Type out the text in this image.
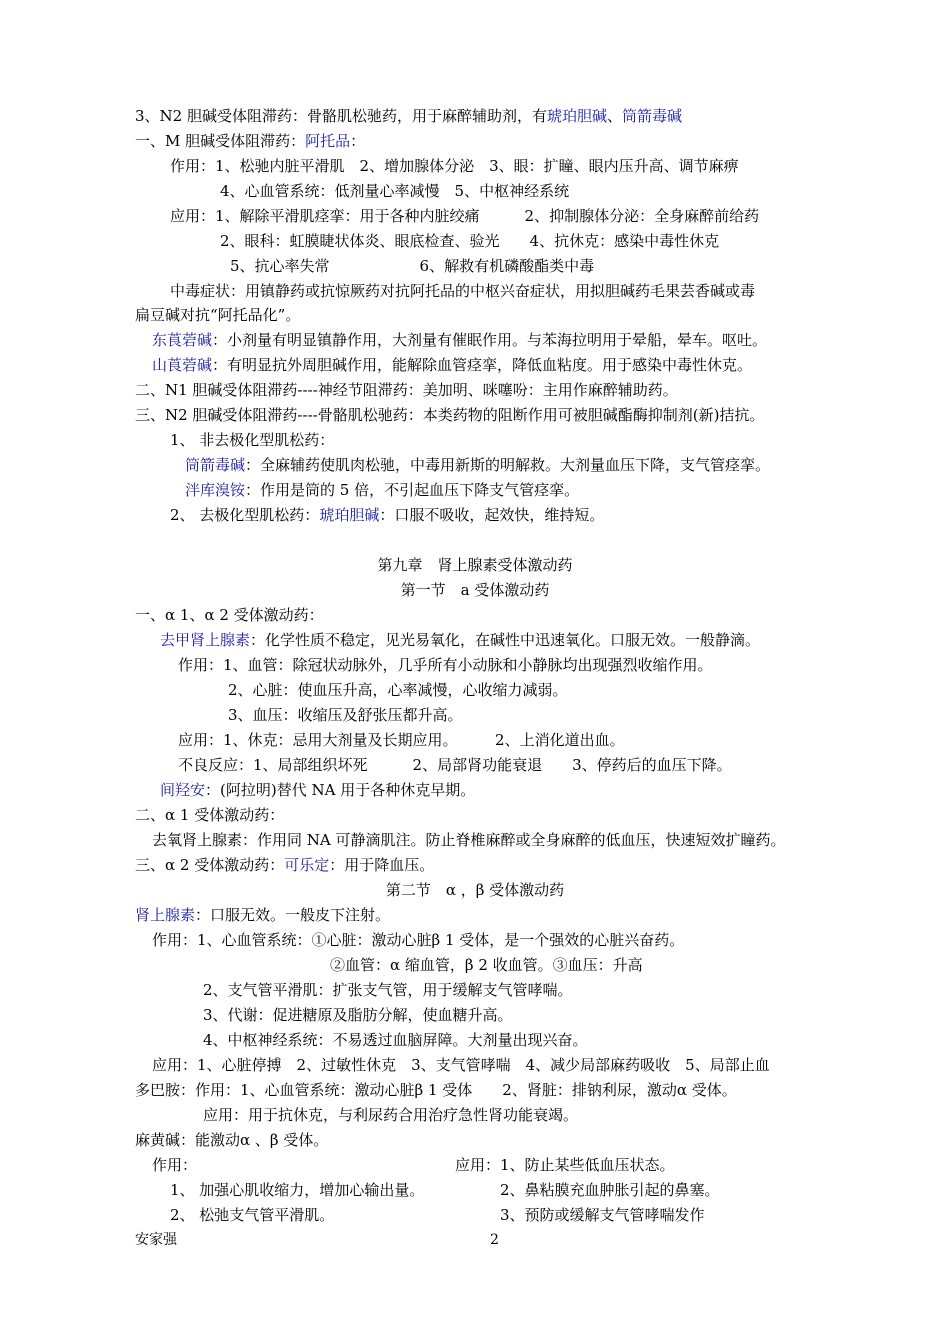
3、N2 胆碱受体阻滞药：骨骼肌松驰药，用于麻醉辅助剂，有琥珀胆碱、筒箭毒碱
一、M 胆碱受体阻滞药：阿托品：
作用：1、松驰内脏平滑肌　2、增加腺体分泌　3、眼：扩瞳、眼内压升高、调节麻痹
4、心血管系统：低剂量心率减慢　5、中枢神经系统
应用：1、解除平滑肌痉挛：用于各种内脏绞痛　　　2、抑制腺体分泌：全身麻醉前给药
2、眼科：虹膜睫状体炎、眼底检查、验光　　4、抗休克：感染中毒性休克
5、抗心率失常　　　　　　6、解救有机磷酸酯类中毒
中毒症状：用镇静药或抗惊厥药对抗阿托品的中枢兴奋症状，用拟胆碱药毛果芸香碱或毒
扁豆碱对抗“阿托品化”。
东莨菪碱：小剂量有明显镇静作用，大剂量有催眠作用。与苯海拉明用于晕船，晕车。呕吐。
山莨菪碱：有明显抗外周胆碱作用，能解除血管痉挛，降低血粘度。用于感染中毒性休克。
二、N1 胆碱受体阻滞药----神经节阻滞药：美加明、咪噻吩：主用作麻醉辅助药。
三、N2 胆碱受体阻滞药----骨骼肌松驰药：本类药物的阻断作用可被胆碱酯酶抑制剂(新)拮抗。
1、 非去极化型肌松药：
筒箭毒碱：全麻辅药使肌肉松驰，中毒用新斯的明解救。大剂量血压下降，支气管痉挛。
泮库溴铵：作用是筒的 5 倍，不引起血压下降支气管痉挛。
2、 去极化型肌松药：琥珀胆碱：口服不吸收，起效快，维持短。
第九章　肾上腺素受体激动药
第一节　a 受体激动药
一、α 1、α 2 受体激动药：
去甲肾上腺素：化学性质不稳定，见光易氧化，在碱性中迅速氧化。口服无效。一般静滴。
作用：1、血管：除冠状动脉外，几乎所有小动脉和小静脉均出现强烈收缩作用。
2、心脏：使血压升高，心率减慢，心收缩力减弱。
3、血压：收缩压及舒张压都升高。
应用：1、休克：忌用大剂量及长期应用。　　　2、上消化道出血。
不良反应：1、局部组织坏死　　　2、局部肾功能衰退　　3、停药后的血压下降。
间羟安：(阿拉明)替代 NA 用于各种休克早期。
二、α 1 受体激动药：
去氧肾上腺素：作用同 NA 可静滴肌注。防止脊椎麻醉或全身麻醉的低血压，快速短效扩瞳药。
三、α 2 受体激动药：可乐定：用于降血压。
第二节　α ，β 受体激动药
肾上腺素：口服无效。一般皮下注射。
作用：1、心血管系统：①心脏：激动心脏β 1 受体，是一个强效的心脏兴奋药。
②血管：α 缩血管，β 2 收血管。③血压：升高
2、支气管平滑肌：扩张支气管，用于缓解支气管哮喘。
3、代谢：促进糖原及脂肪分解，使血糖升高。
4、中枢神经系统：不易透过血脑屏障。大剂量出现兴奋。
应用：1、心脏停搏　2、过敏性休克　3、支气管哮喘　4、减少局部麻药吸收　5、局部止血
多巴胺：作用：1、心血管系统：激动心脏β 1 受体　　2、肾脏：排钠利尿，激动α 受体。
应用：用于抗休克，与利尿药合用治疗急性肾功能衰竭。
麻黄碱：能激动α 、β 受体。
作用：	应用：1、防止某些低血压状态。
1、 加强心肌收缩力，增加心输出量。	2、鼻粘膜充血肿胀引起的鼻塞。
2、 松弛支气管平滑肌。	3、预防或缓解支气管哮喘发作
安家强	2
